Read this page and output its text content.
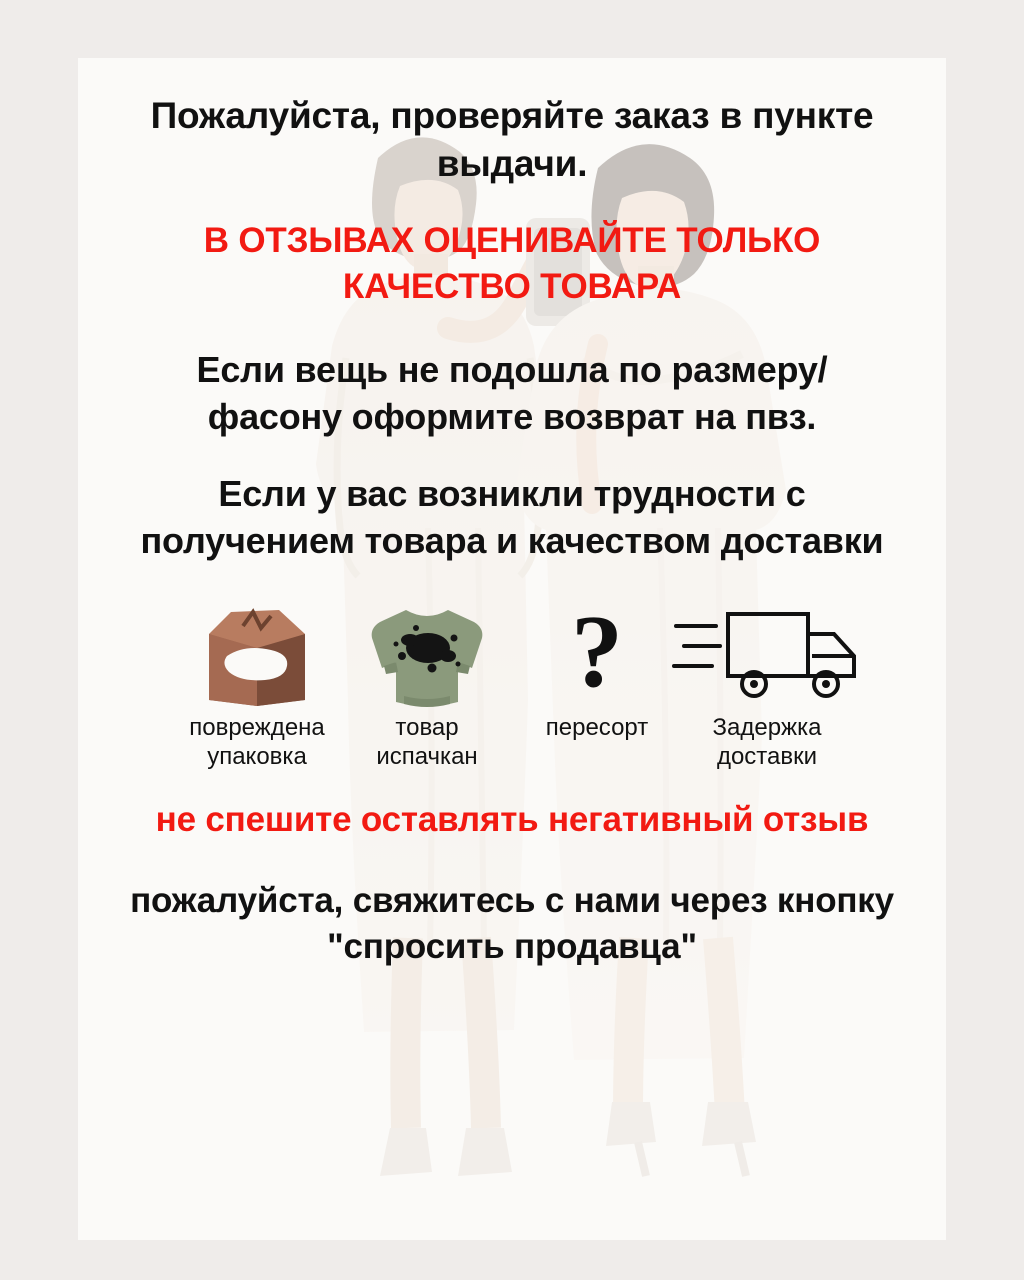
Пожалуйста, проверяйте заказ в пункте выдачи.

В ОТЗЫВАХ ОЦЕНИВАЙТЕ ТОЛЬКО КАЧЕСТВО ТОВАРА

Если вещь не подошла по размеру/фасону оформите возврат на пвз.

Если у вас возникли трудности с получением товара и качеством доставки

повреждена упаковка
товар испачкан
?
пересорт	Задержка доставки

не спешите оставлять негативный отзыв

пожалуйста, свяжитесь с нами через кнопку "спросить продавца"
